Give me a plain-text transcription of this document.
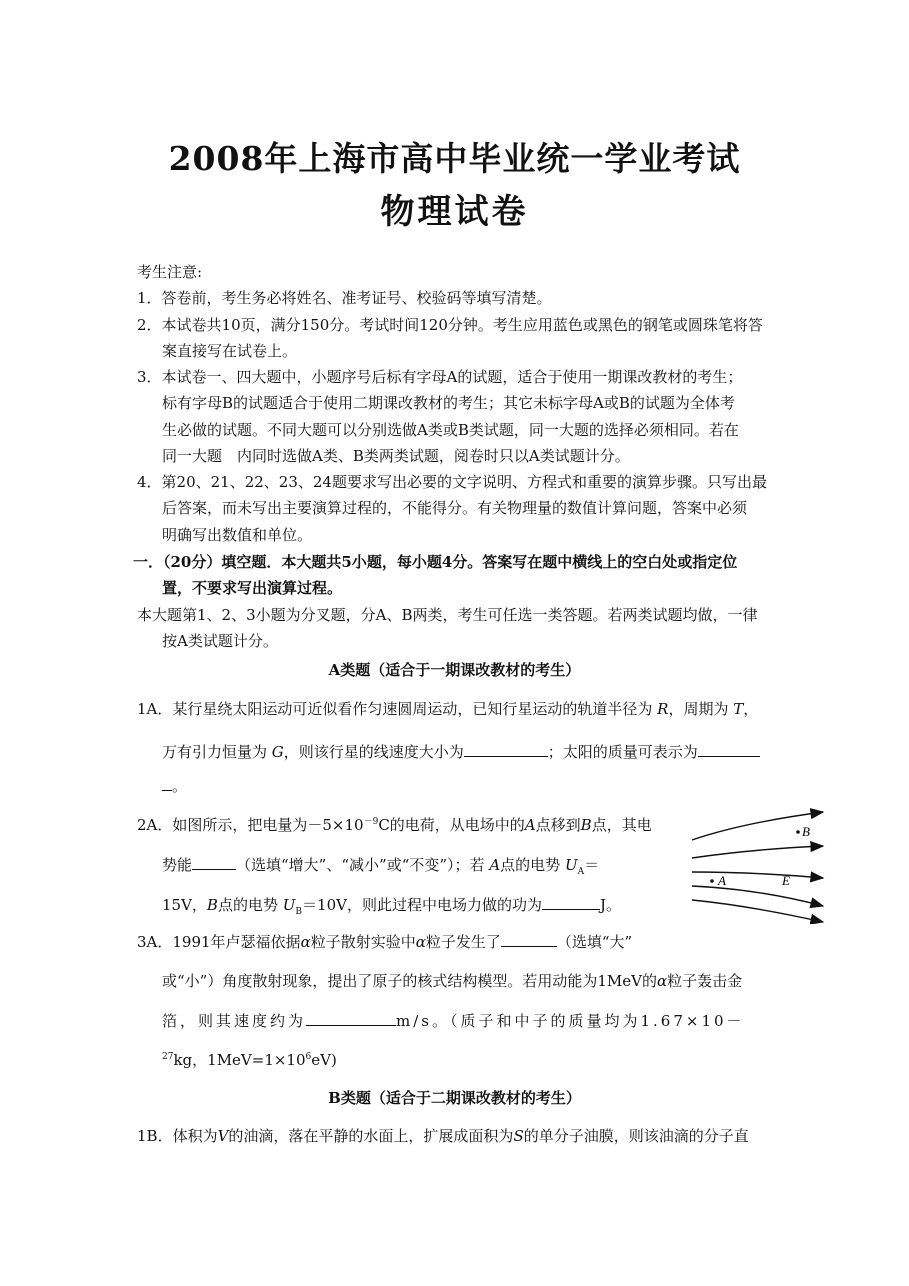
2008年上海市高中毕业统一学业考试
物理试卷
考生注意:
1．答卷前，考生务必将姓名、准考证号、校验码等填写清楚。
2．本试卷共10页，满分150分。考试时间120分钟。考生应用蓝色或黑色的钢笔或圆珠笔将答
案直接写在试卷上。
3．本试卷一、四大题中，小题序号后标有字母A的试题，适合于使用一期课改教材的考生；
标有字母B的试题适合于使用二期课改教材的考生；其它未标字母A或B的试题为全体考
生必做的试题。不同大题可以分别选做A类或B类试题，同一大题的选择必须相同。若在
同一大题　内同时选做A类、B类两类试题，阅卷时只以A类试题计分。
4．第20、21、22、23、24题要求写出必要的文字说明、方程式和重要的演算步骤。只写出最
后答案，而未写出主要演算过程的，不能得分。有关物理量的数值计算问题，答案中必须
明确写出数值和单位。
一．（20分）填空题．本大题共5小题，每小题4分。答案写在题中横线上的空白处或指定位
置，不要求写出演算过程。
本大题第1、2、3小题为分叉题，分A、B两类，考生可任选一类答题。若两类试题均做，一律
按A类试题计分。
A类题（适合于一期课改教材的考生）
1A．某行星绕太阳运动可近似看作匀速圆周运动，已知行星运动的轨道半径为 R，周期为 T，
万有引力恒量为 G，则该行星的线速度大小为	；太阳的质量可表示为
。
2A．如图所示，把电量为$-5\times 10^{-9}C$的电荷，从电场中的A点移到B点，其电
势能	（选填“增大”、“减小”或“不变”）；若 A点的电势 $U_A=$
15V，B点的电势 $U_B=10V$，则此过程中电场力做的功为	J。
B
A	E
3A．1991年卢瑟福依据α粒子散射实验中α粒子发生了	（选填“大”
或“小”）角度散射现象，提出了原子的核式结构模型。若用动能为1MeV的α粒子轰击金
箔，则其速度约为	m/s。（质子和中子的质量均为1.67×10－
$^{27}$kg，$1MeV=1\times 10^6eV$)
B类题（适合于二期课改教材的考生）
1B．体积为V的油滴，落在平静的水面上，扩展成面积为S的单分子油膜，则该油滴的分子直
